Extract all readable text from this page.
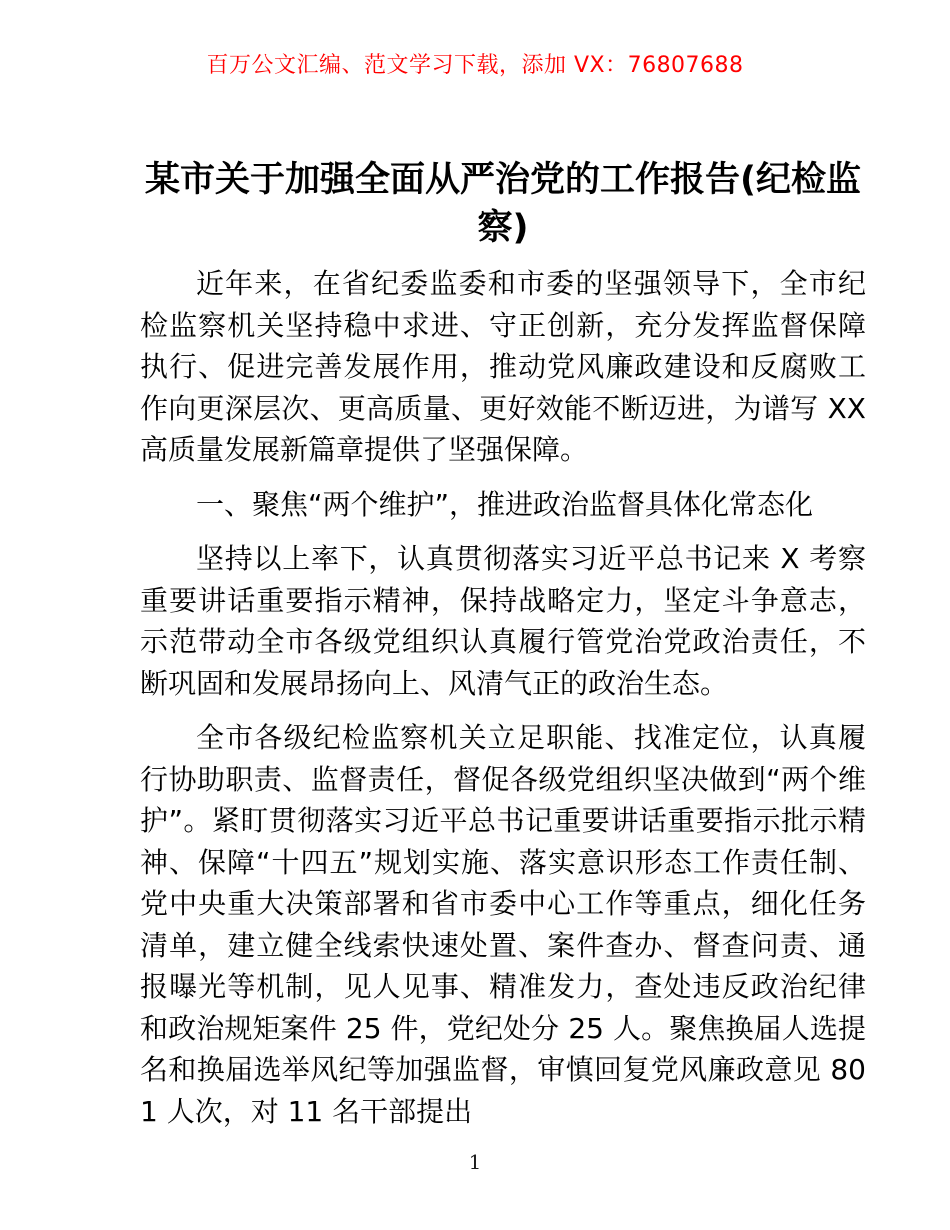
百万公文汇编、范文学习下载，添加 VX：76807688
某市关于加强全面从严治党的工作报告(纪检监察)

近年来，在省纪委监委和市委的坚强领导下，全市纪检监察机关坚持稳中求进、守正创新，充分发挥监督保障执行、促进完善发展作用，推动党风廉政建设和反腐败工作向更深层次、更高质量、更好效能不断迈进，为谱写 XX 高质量发展新篇章提供了坚强保障。

一、聚焦“两个维护”，推进政治监督具体化常态化

坚持以上率下，认真贯彻落实习近平总书记来 X 考察重要讲话重要指示精神，保持战略定力，坚定斗争意志，示范带动全市各级党组织认真履行管党治党政治责任，不断巩固和发展昂扬向上、风清气正的政治生态。

全市各级纪检监察机关立足职能、找准定位，认真履行协助职责、监督责任，督促各级党组织坚决做到“两个维护”。紧盯贯彻落实习近平总书记重要讲话重要指示批示精神、保障“十四五”规划实施、落实意识形态工作责任制、党中央重大决策部署和省市委中心工作等重点，细化任务清单，建立健全线索快速处置、案件查办、督查问责、通报曝光等机制，见人见事、精准发力，查处违反政治纪律和政治规矩案件 25 件，党纪处分 25 人。聚焦换届人选提名和换届选举风纪等加强监督，审慎回复党风廉政意见 801 人次，对 11 名干部提出

1
